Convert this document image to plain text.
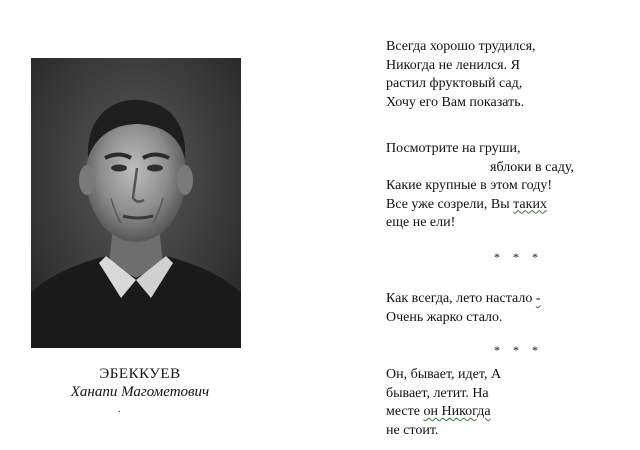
ЭБЕККУЕВ
Ханапи Магометович
.
Всегда хорошо трудился,
Никогда не ленился. Я
растил фруктовый сад,
Хочу его Вам показать.
Посмотрите на груши,
яблоки в саду,
Какие крупные в этом году!
Все уже созрели, Вы таких
еще не ели!
* * *
Как всегда, лето настало -
Очень жарко стало.
* * *
Он, бывает, идет, А
бывает, летит. На
месте он Никогда
не стоит.
